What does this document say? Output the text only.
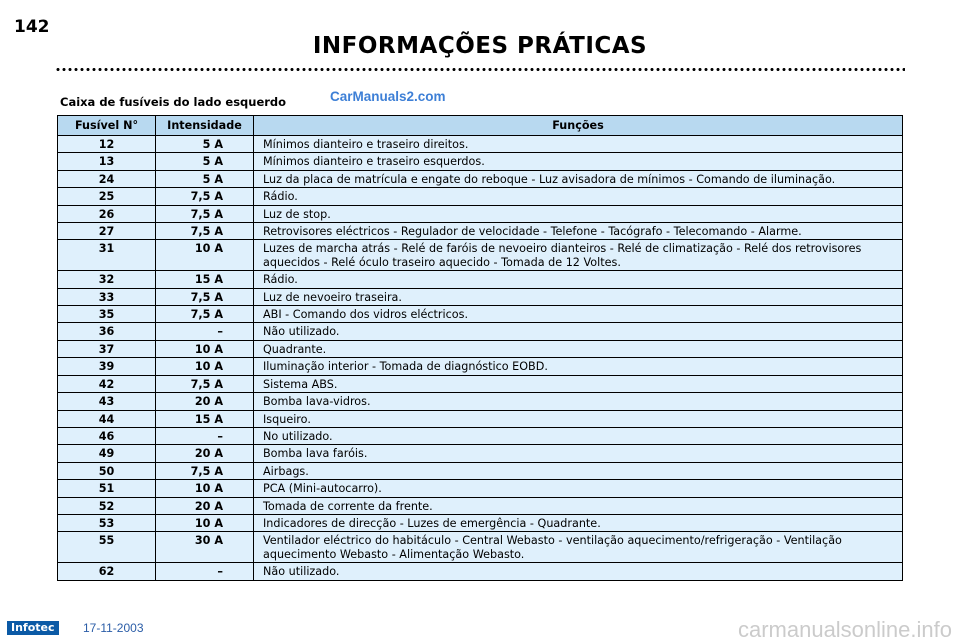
142
INFORMAÇÕES PRÁTICAS
Caixa de fusíveis do lado esquerdo	CarManuals2.com
Fusível N°	Intensidade	Funções
12	5 A	Mínimos dianteiro e traseiro direitos.
13	5 A	Mínimos dianteiro e traseiro esquerdos.
24	5 A	Luz da placa de matrícula e engate do reboque - Luz avisadora de mínimos - Comando de iluminação.
25	7,5 A	Rádio.
26	7,5 A	Luz de stop.
27	7,5 A	Retrovisores eléctricos - Regulador de velocidade - Telefone - Tacógrafo - Telecomando - Alarme.
31	10 A	Luzes de marcha atrás - Relé de faróis de nevoeiro dianteiros - Relé de climatização - Relé dos retrovisores aquecidos - Relé óculo traseiro aquecido - Tomada de 12 Voltes.
32	15 A	Rádio.
33	7,5 A	Luz de nevoeiro traseira.
35	7,5 A	ABI - Comando dos vidros eléctricos.
36	–	Não utilizado.
37	10 A	Quadrante.
39	10 A	Iluminação interior - Tomada de diagnóstico EOBD.
42	7,5 A	Sistema ABS.
43	20 A	Bomba lava-vidros.
44	15 A	Isqueiro.
46	–	No utilizado.
49	20 A	Bomba lava faróis.
50	7,5 A	Airbags.
51	10 A	PCA (Mini-autocarro).
52	20 A	Tomada de corrente da frente.
53	10 A	Indicadores de direcção - Luzes de emergência - Quadrante.
55	30 A	Ventilador eléctrico do habitáculo - Central Webasto - ventilação aquecimento/refrigeração - Ventilação aquecimento Webasto - Alimentação Webasto.
62	–	Não utilizado.
Infotec	17-11-2003	carmanualsonline.info
